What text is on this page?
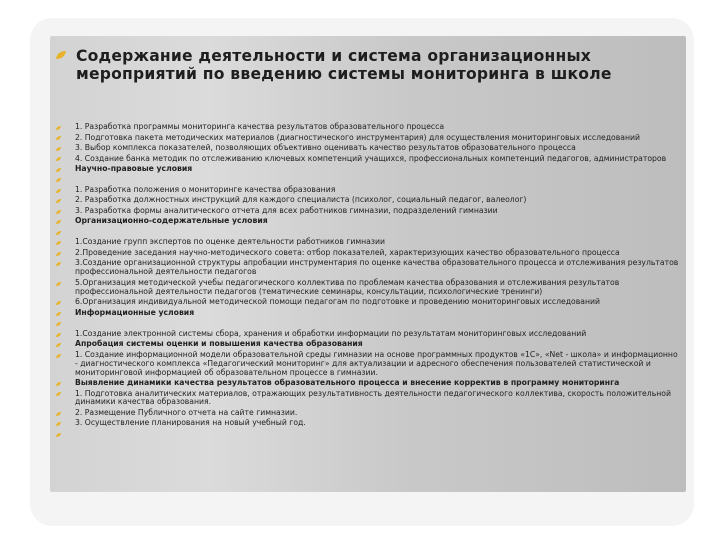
Содержание деятельности и система организационных мероприятий по введению системы мониторинга в школе
1. Разработка программы мониторинга качества результатов образовательного процесса
2. Подготовка пакета методических материалов (диагностического инструментария) для осуществления мониторинговых исследований
3. Выбор комплекса показателей, позволяющих объективно оценивать качество результатов образовательного процесса
4. Создание банка методик по отслеживанию ключевых компетенций учащихся, профессиональных компетенций педагогов, администраторов
Научно-правовые условия
1. Разработка положения о мониторинге качества образования
2. Разработка должностных инструкций для каждого специалиста (психолог, социальный педагог, валеолог)
3. Разработка формы аналитического отчета для всех работников гимназии, подразделений гимназии
Организационно-содержательные условия
1.Создание групп экспертов по оценке деятельности работников гимназии
2.Проведение заседания научно-методического совета: отбор показателей, характеризующих качество образовательного процесса
3.Создание организационной структуры апробации инструментария по оценке качества образовательного процесса и отслеживания результатов профессиональной деятельности педагогов
5.Организация методической учебы педагогического коллектива по проблемам качества образования и отслеживания результатов профессиональной деятельности педагогов (тематические семинары, консультации, психологические тренинги)
6.Организация индивидуальной методической помощи педагогам по подготовке и проведению мониторинговых исследований
Информационные условия
1.Создание электронной системы сбора, хранения и обработки информации по результатам мониторинговых исследований
Апробация системы оценки и повышения качества образования
1. Создание информационной модели образовательной среды гимназии на основе программных продуктов «1С», «Net - школа» и информационно - диагностического комплекса «Педагогический мониторинг» для актуализации и адресного обеспечения пользователей статистической и мониторинговой информацией об образовательном процессе в гимназии.
Выявление динамики качества результатов образовательного процесса и внесение корректив в программу мониторинга
1. Подготовка аналитических материалов, отражающих результативность деятельности педагогического коллектива, скорость положительной динамики качества образования.
2. Размещение Публичного отчета на сайте гимназии.
3. Осуществление планирования на новый учебный год.
